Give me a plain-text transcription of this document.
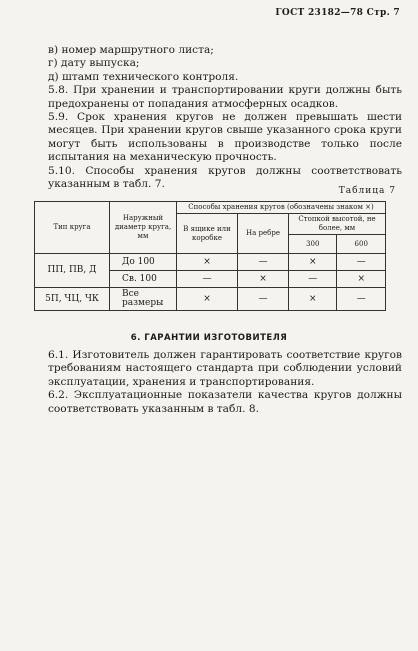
ГОСТ 23182—78 Стр. 7

в) номер маршрутного листа;

г) дату выпуска;

д) штамп технического контроля.

5.8. При хранении и транспортировании круги должны быть предохранены от попадания атмосферных осадков.

5.9. Срок хранения кругов не должен превышать шести месяцев. При хранении кругов свыше указанного срока круги могут быть использованы в производстве только после испытания на механическую прочность.

5.10. Способы хранения кругов должны соответствовать указанным в табл. 7.

Таблица 7
Тип круга	Наружный диаметр круга, мм	Способы хранения кругов (обозначены знаком ×)			
		В ящике или коробке	На ребре	Стопкой высотой, не более, мм	
				300	600
ПП, ПВ, Д	До 100	×	—	×	—
	Св. 100	—	×	—	×
5П, ЧЦ, ЧК	Все размеры	×	—	×	—
6. ГАРАНТИИ ИЗГОТОВИТЕЛЯ

6.1. Изготовитель должен гарантировать соответствие кругов требованиям настоящего стандарта при соблюдении условий эксплуатации, хранения и транспортирования.

6.2. Эксплуатационные показатели качества кругов должны соответствовать указанным в табл. 8.
